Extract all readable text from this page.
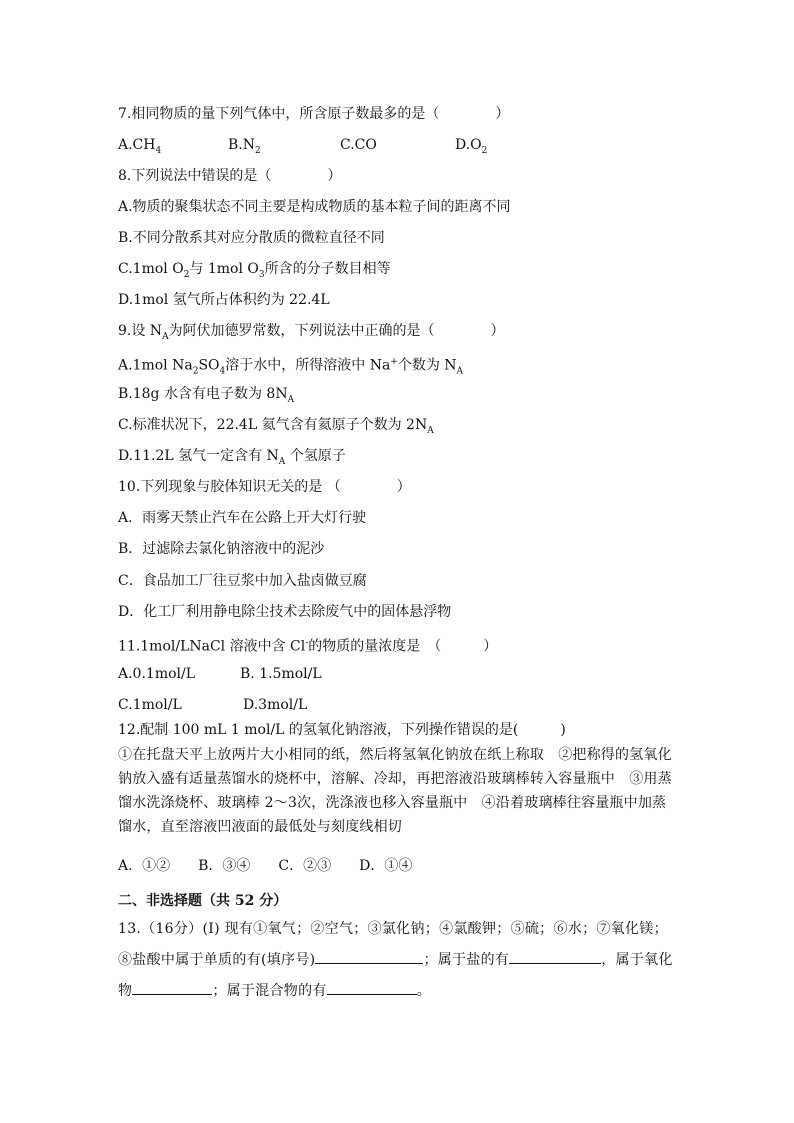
7.相同物质的量下列气体中，所含原子数最多的是（　　　　）
$A.CH_4$	$B.N_2$	C.CO	$D.O_2$
8.下列说法中错误的是（　　　　）
A.物质的聚集状态不同主要是构成物质的基本粒子间的距离不同
B.不同分散系其对应分散质的微粒直径不同
C.1mol $O_2$与 1mol $O_3$所含的分子数目相等
D.1mol 氢气所占体积约为 22.4L
9.设 $N_A$为阿伏加德罗常数，下列说法中正确的是（　　　　）
A.1mol $Na_2SO_4$溶于水中，所得溶液中 Na+个数为 $N_A$
B.18g 水含有电子数为 $8N_A$
C.标准状况下，22.4L 氦气含有氦原子个数为 $2N_A$
D.11.2L 氢气一定含有 $N_A$ 个氢原子
10.下列现象与胶体知识无关的是 （　　　　）
A．雨雾天禁止汽车在公路上开大灯行驶
B．过滤除去氯化钠溶液中的泥沙
C．食品加工厂往豆浆中加入盐卤做豆腐
D．化工厂利用静电除尘技术去除废气中的固体悬浮物
11.1mol/LNaCl 溶液中含 Cl-的物质的量浓度是　（　　　）
A.0.1mol/L	B. 1.5mol/L
C.1mol/L	D.3mol/L
12.配制 100 mL 1 mol/L 的氢氧化钠溶液，下列操作错误的是(　　　)
①在托盘天平上放两片大小相同的纸，然后将氢氧化钠放在纸上称取　②把称得的氢氧化钠放入盛有适量蒸馏水的烧杯中，溶解、冷却，再把溶液沿玻璃棒转入容量瓶中　③用蒸馏水洗涤烧杯、玻璃棒 2～3次，洗涤液也移入容量瓶中　④沿着玻璃棒往容量瓶中加蒸馏水，直至溶液凹液面的最低处与刻度线相切
A．①②　　B．③④　　C．②③　　D．①④
二、非选择题（共 52 分）
13.（16分）(Ⅰ) 现有①氧气；②空气；③氯化钠；④氯酸钾；⑤硫；⑥水；⑦氧化镁；⑧盐酸中属于单质的有(填序号)	；属于盐的有	，属于氧化物	；属于混合物的有	。
